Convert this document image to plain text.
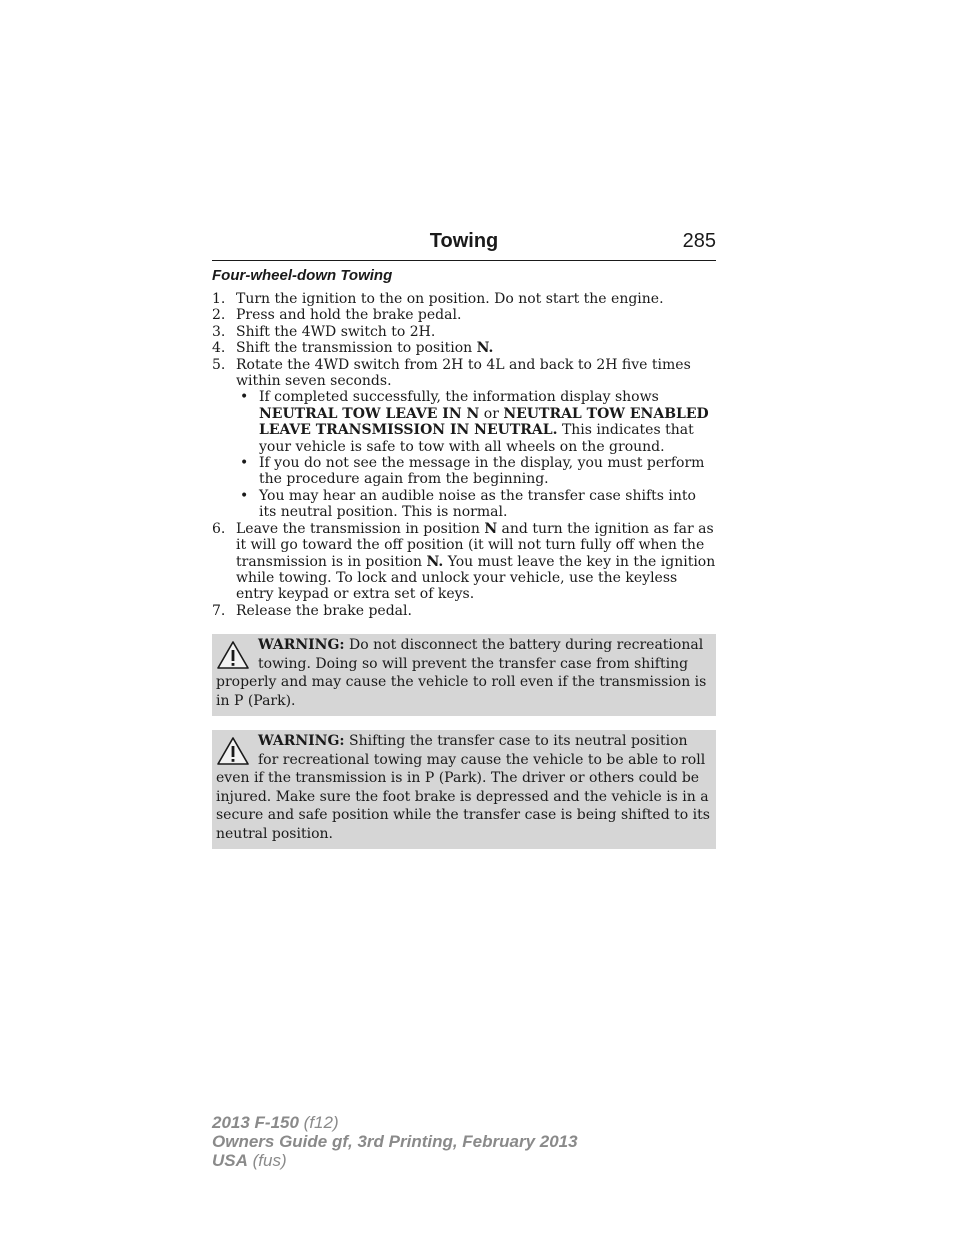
Towing	285
Four-wheel-down Towing
1. Turn the ignition to the on position. Do not start the engine.
2. Press and hold the brake pedal.
3. Shift the 4WD switch to 2H.
4. Shift the transmission to position N.
5. Rotate the 4WD switch from 2H to 4L and back to 2H five times within seven seconds.
• If completed successfully, the information display shows NEUTRAL TOW LEAVE IN N or NEUTRAL TOW ENABLED LEAVE TRANSMISSION IN NEUTRAL. This indicates that your vehicle is safe to tow with all wheels on the ground.
• If you do not see the message in the display, you must perform the procedure again from the beginning.
• You may hear an audible noise as the transfer case shifts into its neutral position. This is normal.
6. Leave the transmission in position N and turn the ignition as far as it will go toward the off position (it will not turn fully off when the transmission is in position N. You must leave the key in the ignition while towing. To lock and unlock your vehicle, use the keyless entry keypad or extra set of keys.
7. Release the brake pedal.
WARNING: Do not disconnect the battery during recreational towing. Doing so will prevent the transfer case from shifting properly and may cause the vehicle to roll even if the transmission is in P (Park).
WARNING: Shifting the transfer case to its neutral position for recreational towing may cause the vehicle to be able to roll even if the transmission is in P (Park). The driver or others could be injured. Make sure the foot brake is depressed and the vehicle is in a secure and safe position while the transfer case is being shifted to its neutral position.
2013 F-150 (f12)
Owners Guide gf, 3rd Printing, February 2013
USA (fus)
